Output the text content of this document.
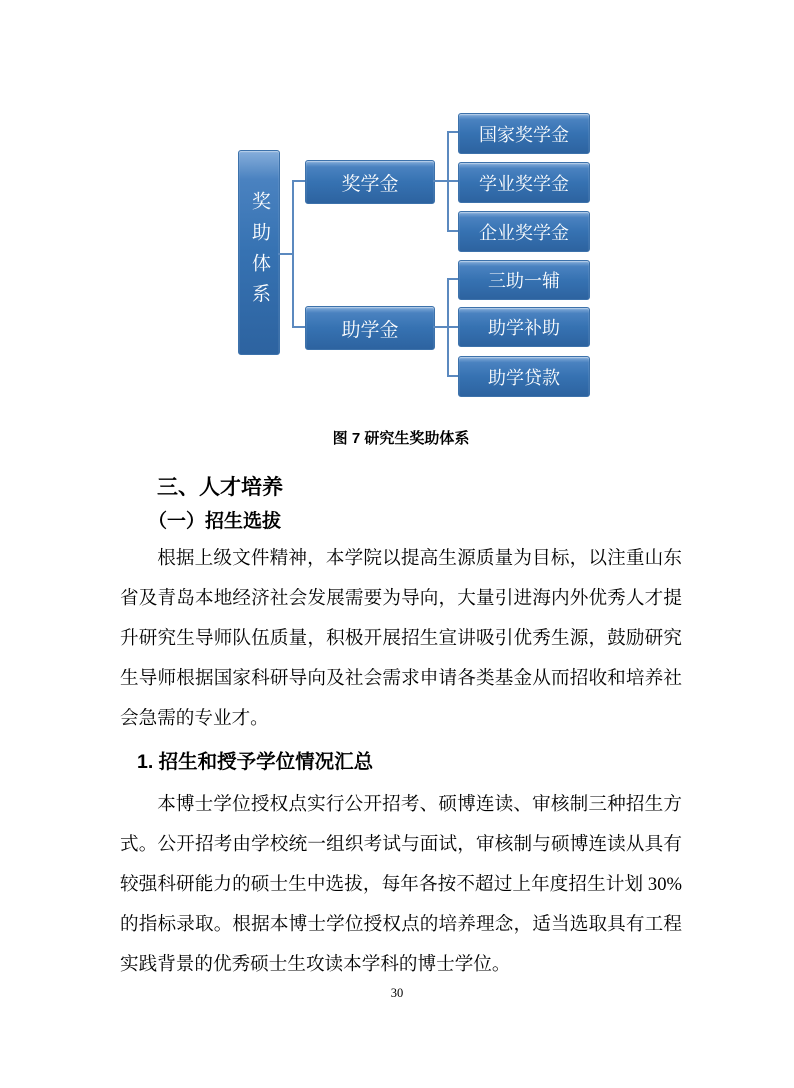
奖助体系
奖学金
助学金
国家奖学金
学业奖学金
企业奖学金
三助一辅
助学补助
助学贷款
图 7 研究生奖助体系
三、人才培养
（一）招生选拔

根据上级文件精神，本学院以提高生源质量为目标，以注重山东省及青岛本地经济社会发展需要为导向，大量引进海内外优秀人才提升研究生导师队伍质量，积极开展招生宣讲吸引优秀生源，鼓励研究生导师根据国家科研导向及社会需求申请各类基金从而招收和培养社会急需的专业才。

1. 招生和授予学位情况汇总

本博士学位授权点实行公开招考、硕博连读、审核制三种招生方式。公开招考由学校统一组织考试与面试，审核制与硕博连读从具有较强科研能力的硕士生中选拔，每年各按不超过上年度招生计划 30%的指标录取。根据本博士学位授权点的培养理念，适当选取具有工程实践背景的优秀硕士生攻读本学科的博士学位。

30
